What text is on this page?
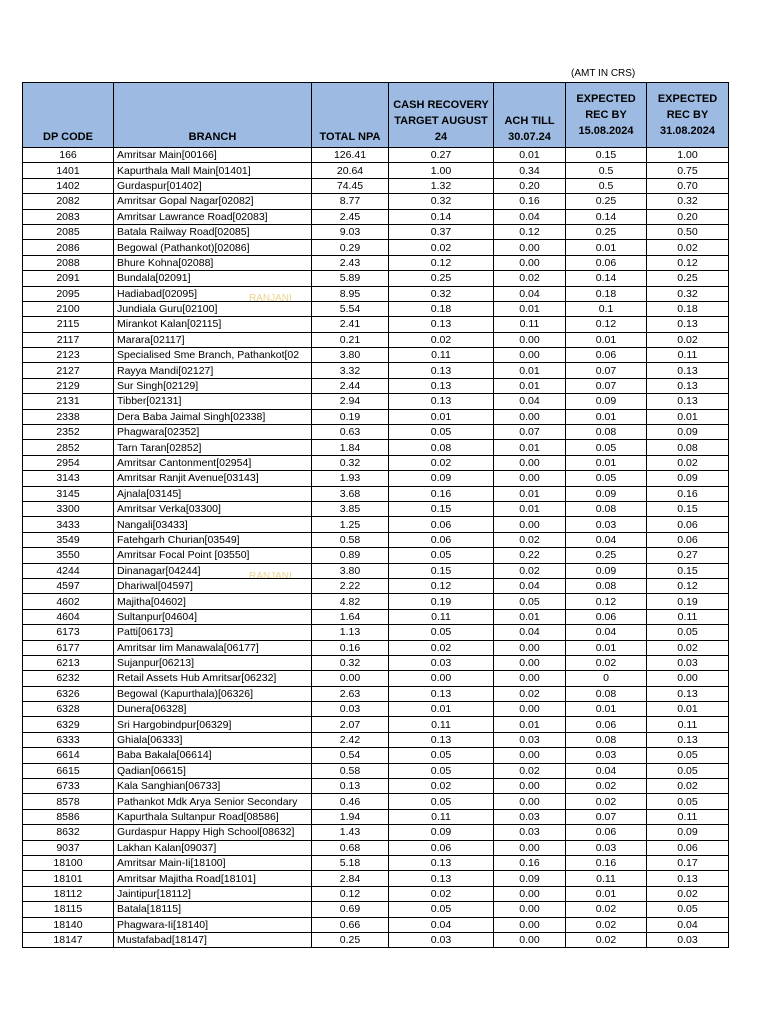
(AMT IN CRS)
RANJANI
RANJANI
DP CODE	BRANCH	TOTAL NPA	CASH RECOVERY TARGET AUGUST 24	ACH TILL 30.07.24	EXPECTED REC BY 15.08.2024	EXPECTED REC BY 31.08.2024
166	Amritsar Main[00166]	126.41	0.27	0.01	0.15	1.00
1401	Kapurthala Mall Main[01401]	20.64	1.00	0.34	0.5	0.75
1402	Gurdaspur[01402]	74.45	1.32	0.20	0.5	0.70
2082	Amritsar Gopal Nagar[02082]	8.77	0.32	0.16	0.25	0.32
2083	Amritsar Lawrance Road[02083]	2.45	0.14	0.04	0.14	0.20
2085	Batala Railway Road[02085]	9.03	0.37	0.12	0.25	0.50
2086	Begowal (Pathankot)[02086]	0.29	0.02	0.00	0.01	0.02
2088	Bhure Kohna[02088]	2.43	0.12	0.00	0.06	0.12
2091	Bundala[02091]	5.89	0.25	0.02	0.14	0.25
2095	Hadiabad[02095]	8.95	0.32	0.04	0.18	0.32
2100	Jundiala Guru[02100]	5.54	0.18	0.01	0.1	0.18
2115	Mirankot Kalan[02115]	2.41	0.13	0.11	0.12	0.13
2117	Marara[02117]	0.21	0.02	0.00	0.01	0.02
2123	Specialised Sme Branch, Pathankot[02	3.80	0.11	0.00	0.06	0.11
2127	Rayya Mandi[02127]	3.32	0.13	0.01	0.07	0.13
2129	Sur Singh[02129]	2.44	0.13	0.01	0.07	0.13
2131	Tibber[02131]	2.94	0.13	0.04	0.09	0.13
2338	Dera Baba Jaimal Singh[02338]	0.19	0.01	0.00	0.01	0.01
2352	Phagwara[02352]	0.63	0.05	0.07	0.08	0.09
2852	Tarn Taran[02852]	1.84	0.08	0.01	0.05	0.08
2954	Amritsar Cantonment[02954]	0.32	0.02	0.00	0.01	0.02
3143	Amritsar Ranjit Avenue[03143]	1.93	0.09	0.00	0.05	0.09
3145	Ajnala[03145]	3.68	0.16	0.01	0.09	0.16
3300	Amritsar Verka[03300]	3.85	0.15	0.01	0.08	0.15
3433	Nangali[03433]	1.25	0.06	0.00	0.03	0.06
3549	Fatehgarh Churian[03549]	0.58	0.06	0.02	0.04	0.06
3550	Amritsar Focal Point [03550]	0.89	0.05	0.22	0.25	0.27
4244	Dinanagar[04244]	3.80	0.15	0.02	0.09	0.15
4597	Dhariwal[04597]	2.22	0.12	0.04	0.08	0.12
4602	Majitha[04602]	4.82	0.19	0.05	0.12	0.19
4604	Sultanpur[04604]	1.64	0.11	0.01	0.06	0.11
6173	Patti[06173]	1.13	0.05	0.04	0.04	0.05
6177	Amritsar Iim Manawala[06177]	0.16	0.02	0.00	0.01	0.02
6213	Sujanpur[06213]	0.32	0.03	0.00	0.02	0.03
6232	Retail Assets Hub Amritsar[06232]	0.00	0.00	0.00	0	0.00
6326	Begowal (Kapurthala)[06326]	2.63	0.13	0.02	0.08	0.13
6328	Dunera[06328]	0.03	0.01	0.00	0.01	0.01
6329	Sri Hargobindpur[06329]	2.07	0.11	0.01	0.06	0.11
6333	Ghiala[06333]	2.42	0.13	0.03	0.08	0.13
6614	Baba Bakala[06614]	0.54	0.05	0.00	0.03	0.05
6615	Qadian[06615]	0.58	0.05	0.02	0.04	0.05
6733	Kala Sanghian[06733]	0.13	0.02	0.00	0.02	0.02
8578	Pathankot Mdk Arya Senior Secondary	0.46	0.05	0.00	0.02	0.05
8586	Kapurthala Sultanpur Road[08586]	1.94	0.11	0.03	0.07	0.11
8632	Gurdaspur Happy High School[08632]	1.43	0.09	0.03	0.06	0.09
9037	Lakhan Kalan[09037]	0.68	0.06	0.00	0.03	0.06
18100	Amritsar Main-Ii[18100]	5.18	0.13	0.16	0.16	0.17
18101	Amritsar Majitha Road[18101]	2.84	0.13	0.09	0.11	0.13
18112	Jaintipur[18112]	0.12	0.02	0.00	0.01	0.02
18115	Batala[18115]	0.69	0.05	0.00	0.02	0.05
18140	Phagwara-Ii[18140]	0.66	0.04	0.00	0.02	0.04
18147	Mustafabad[18147]	0.25	0.03	0.00	0.02	0.03
